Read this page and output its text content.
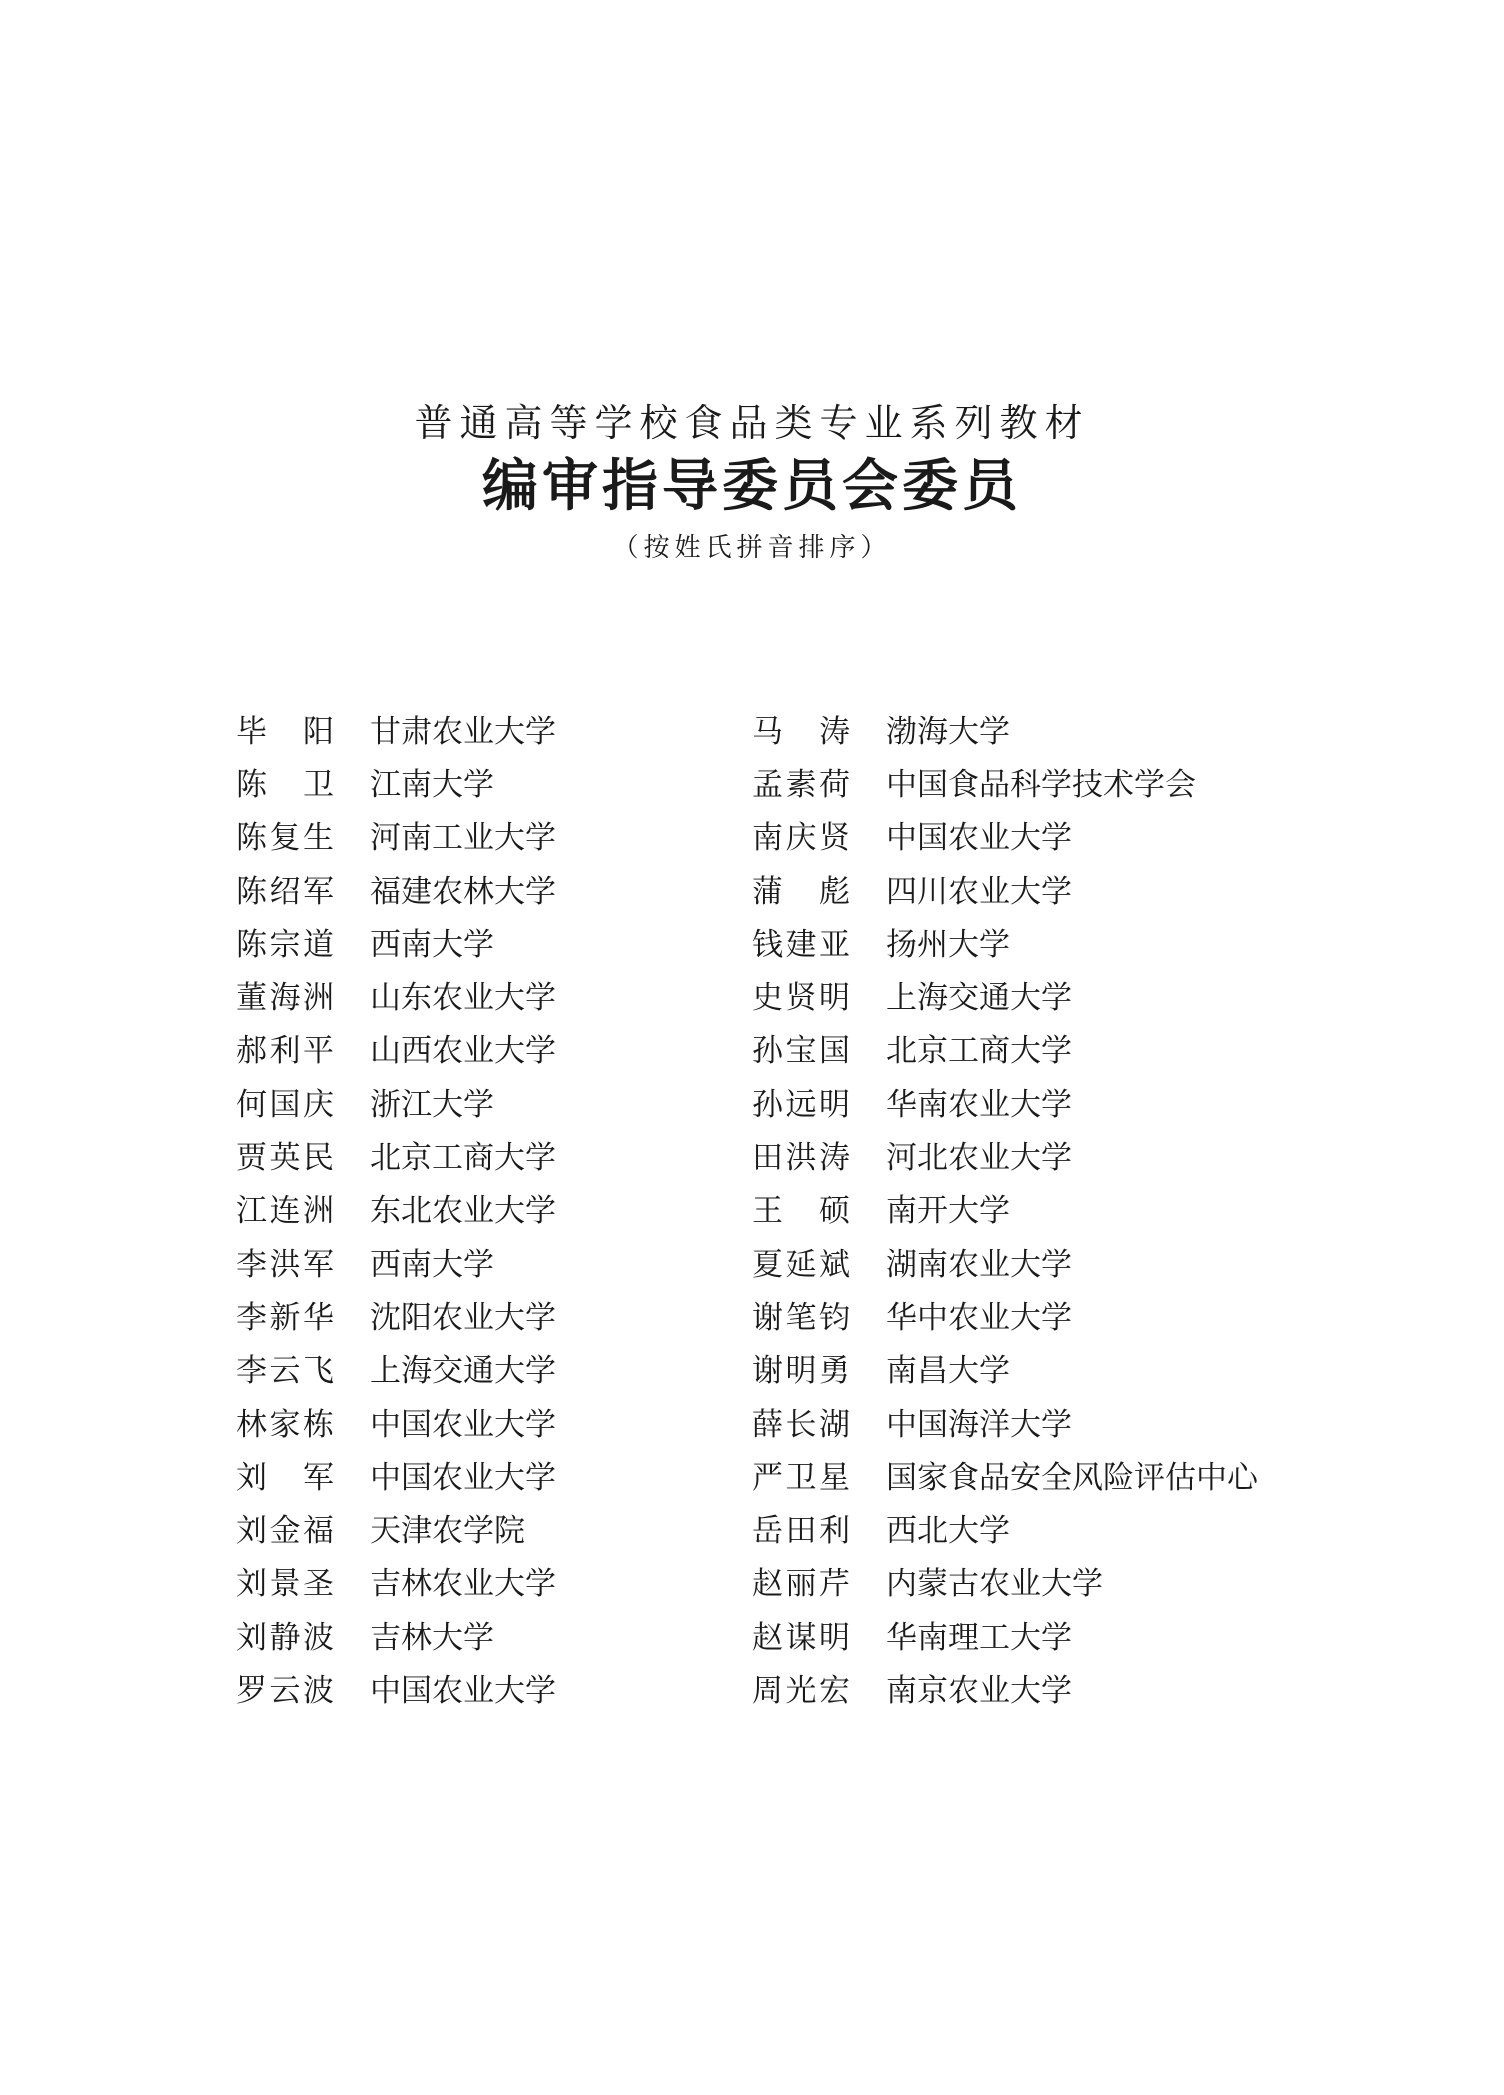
普通高等学校食品类专业系列教材
编审指导委员会委员
（按姓氏拼音排序）
毕　阳 甘肃农业大学
陈　卫 江南大学
陈复生 河南工业大学
陈绍军 福建农林大学
陈宗道 西南大学
董海洲 山东农业大学
郝利平 山西农业大学
何国庆 浙江大学
贾英民 北京工商大学
江连洲 东北农业大学
李洪军 西南大学
李新华 沈阳农业大学
李云飞 上海交通大学
林家栋 中国农业大学
刘　军 中国农业大学
刘金福 天津农学院
刘景圣 吉林农业大学
刘静波 吉林大学
罗云波 中国农业大学
马　涛 渤海大学
孟素荷 中国食品科学技术学会
南庆贤 中国农业大学
蒲　彪 四川农业大学
钱建亚 扬州大学
史贤明 上海交通大学
孙宝国 北京工商大学
孙远明 华南农业大学
田洪涛 河北农业大学
王　硕 南开大学
夏延斌 湖南农业大学
谢笔钧 华中农业大学
谢明勇 南昌大学
薛长湖 中国海洋大学
严卫星 国家食品安全风险评估中心
岳田利 西北大学
赵丽芹 内蒙古农业大学
赵谋明 华南理工大学
周光宏 南京农业大学
